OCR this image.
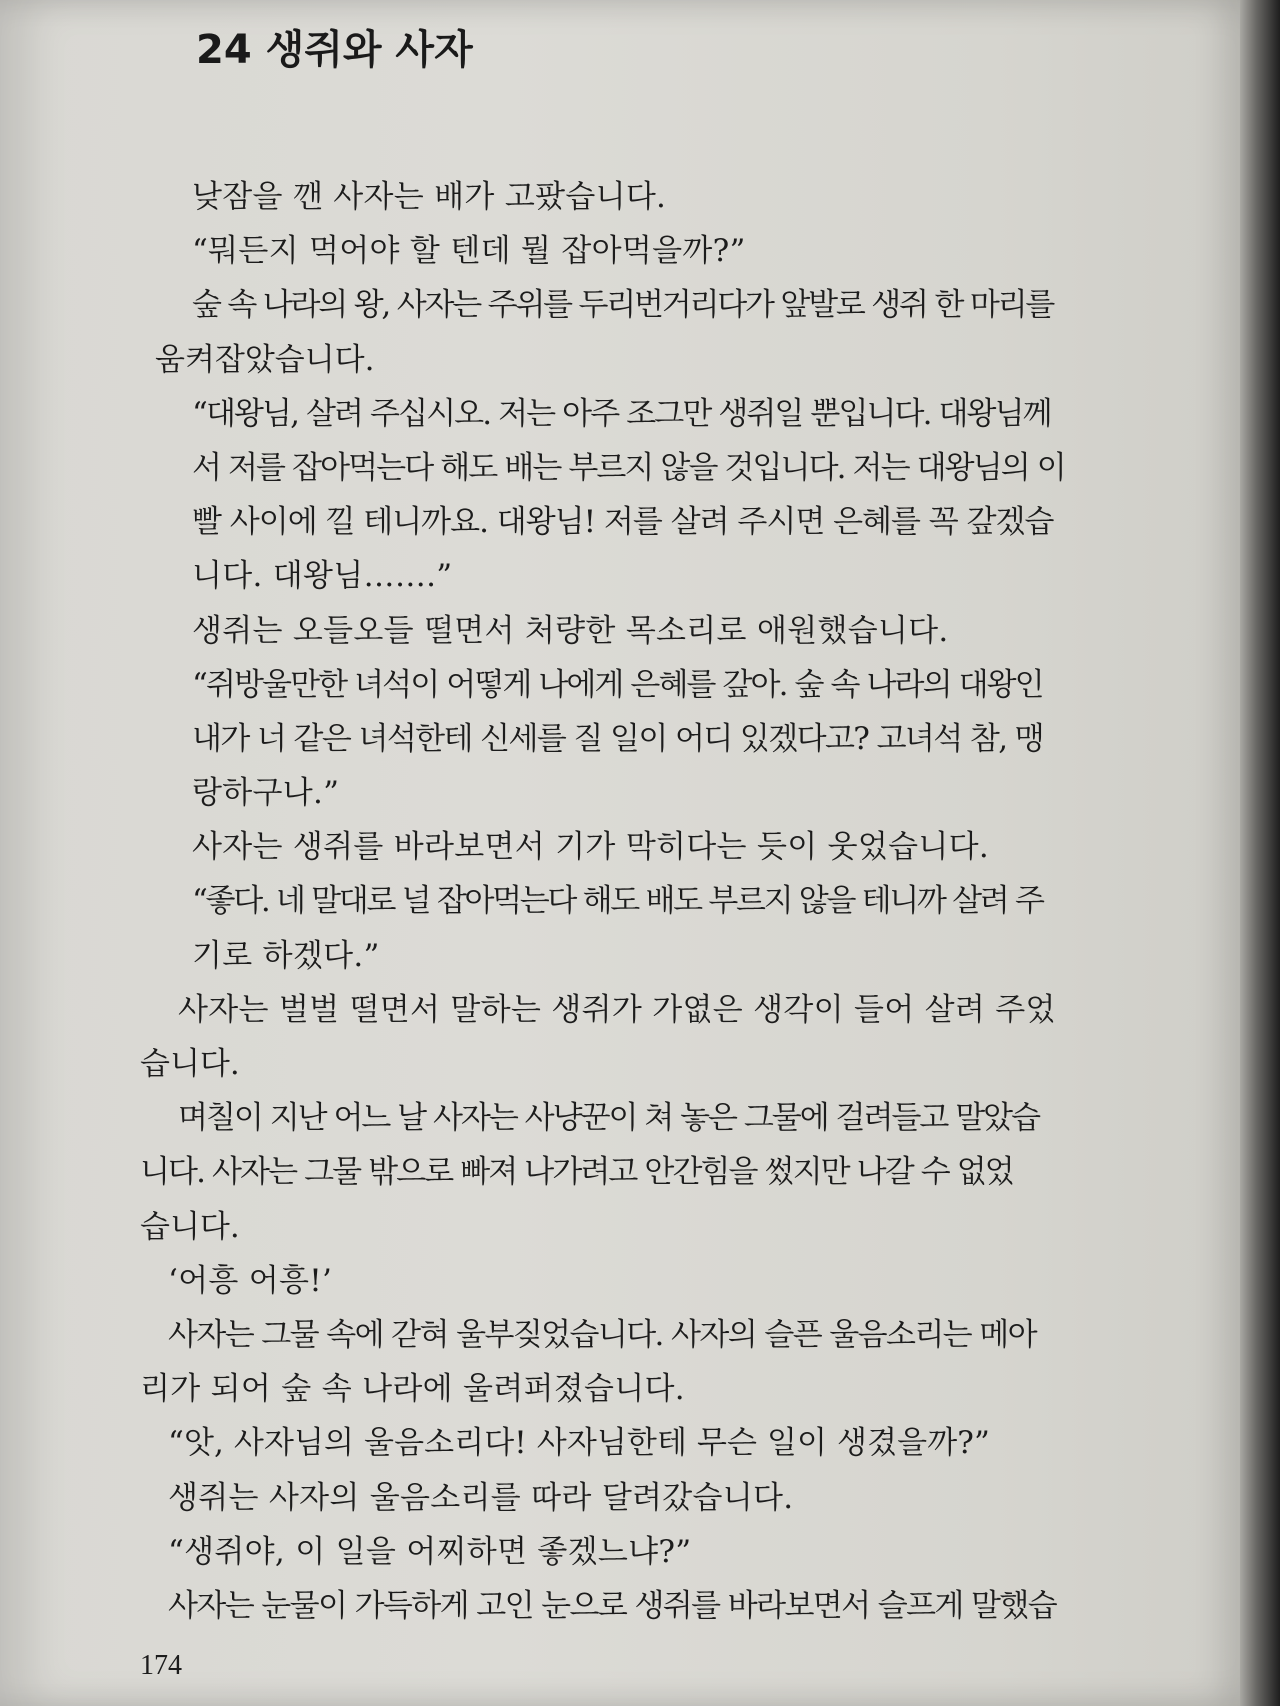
24 생쥐와 사자
낮잠을 깬 사자는 배가 고팠습니다.
“뭐든지 먹어야 할 텐데 뭘 잡아먹을까?”
숲 속 나라의 왕, 사자는 주위를 두리번거리다가 앞발로 생쥐 한 마리를
움켜잡았습니다.
“대왕님, 살려 주십시오. 저는 아주 조그만 생쥐일 뿐입니다. 대왕님께
서 저를 잡아먹는다 해도 배는 부르지 않을 것입니다. 저는 대왕님의 이
빨 사이에 낄 테니까요. 대왕님! 저를 살려 주시면 은혜를 꼭 갚겠습
니다. 대왕님…….”
생쥐는 오들오들 떨면서 처량한 목소리로 애원했습니다.
“쥐방울만한 녀석이 어떻게 나에게 은혜를 갚아. 숲 속 나라의 대왕인
내가 너 같은 녀석한테 신세를 질 일이 어디 있겠다고? 고녀석 참, 맹
랑하구나.”
사자는 생쥐를 바라보면서 기가 막히다는 듯이 웃었습니다.
“좋다. 네 말대로 널 잡아먹는다 해도 배도 부르지 않을 테니까 살려 주
기로 하겠다.”
사자는 벌벌 떨면서 말하는 생쥐가 가엾은 생각이 들어 살려 주었
습니다.
며칠이 지난 어느 날 사자는 사냥꾼이 쳐 놓은 그물에 걸려들고 말았습
니다. 사자는 그물 밖으로 빠져 나가려고 안간힘을 썼지만 나갈 수 없었
습니다.
‘어흥 어흥!’
사자는 그물 속에 갇혀 울부짖었습니다. 사자의 슬픈 울음소리는 메아
리가 되어 숲 속 나라에 울려퍼졌습니다.
“앗, 사자님의 울음소리다! 사자님한테 무슨 일이 생겼을까?”
생쥐는 사자의 울음소리를 따라 달려갔습니다.
“생쥐야, 이 일을 어찌하면 좋겠느냐?”
사자는 눈물이 가득하게 고인 눈으로 생쥐를 바라보면서 슬프게 말했습
174
